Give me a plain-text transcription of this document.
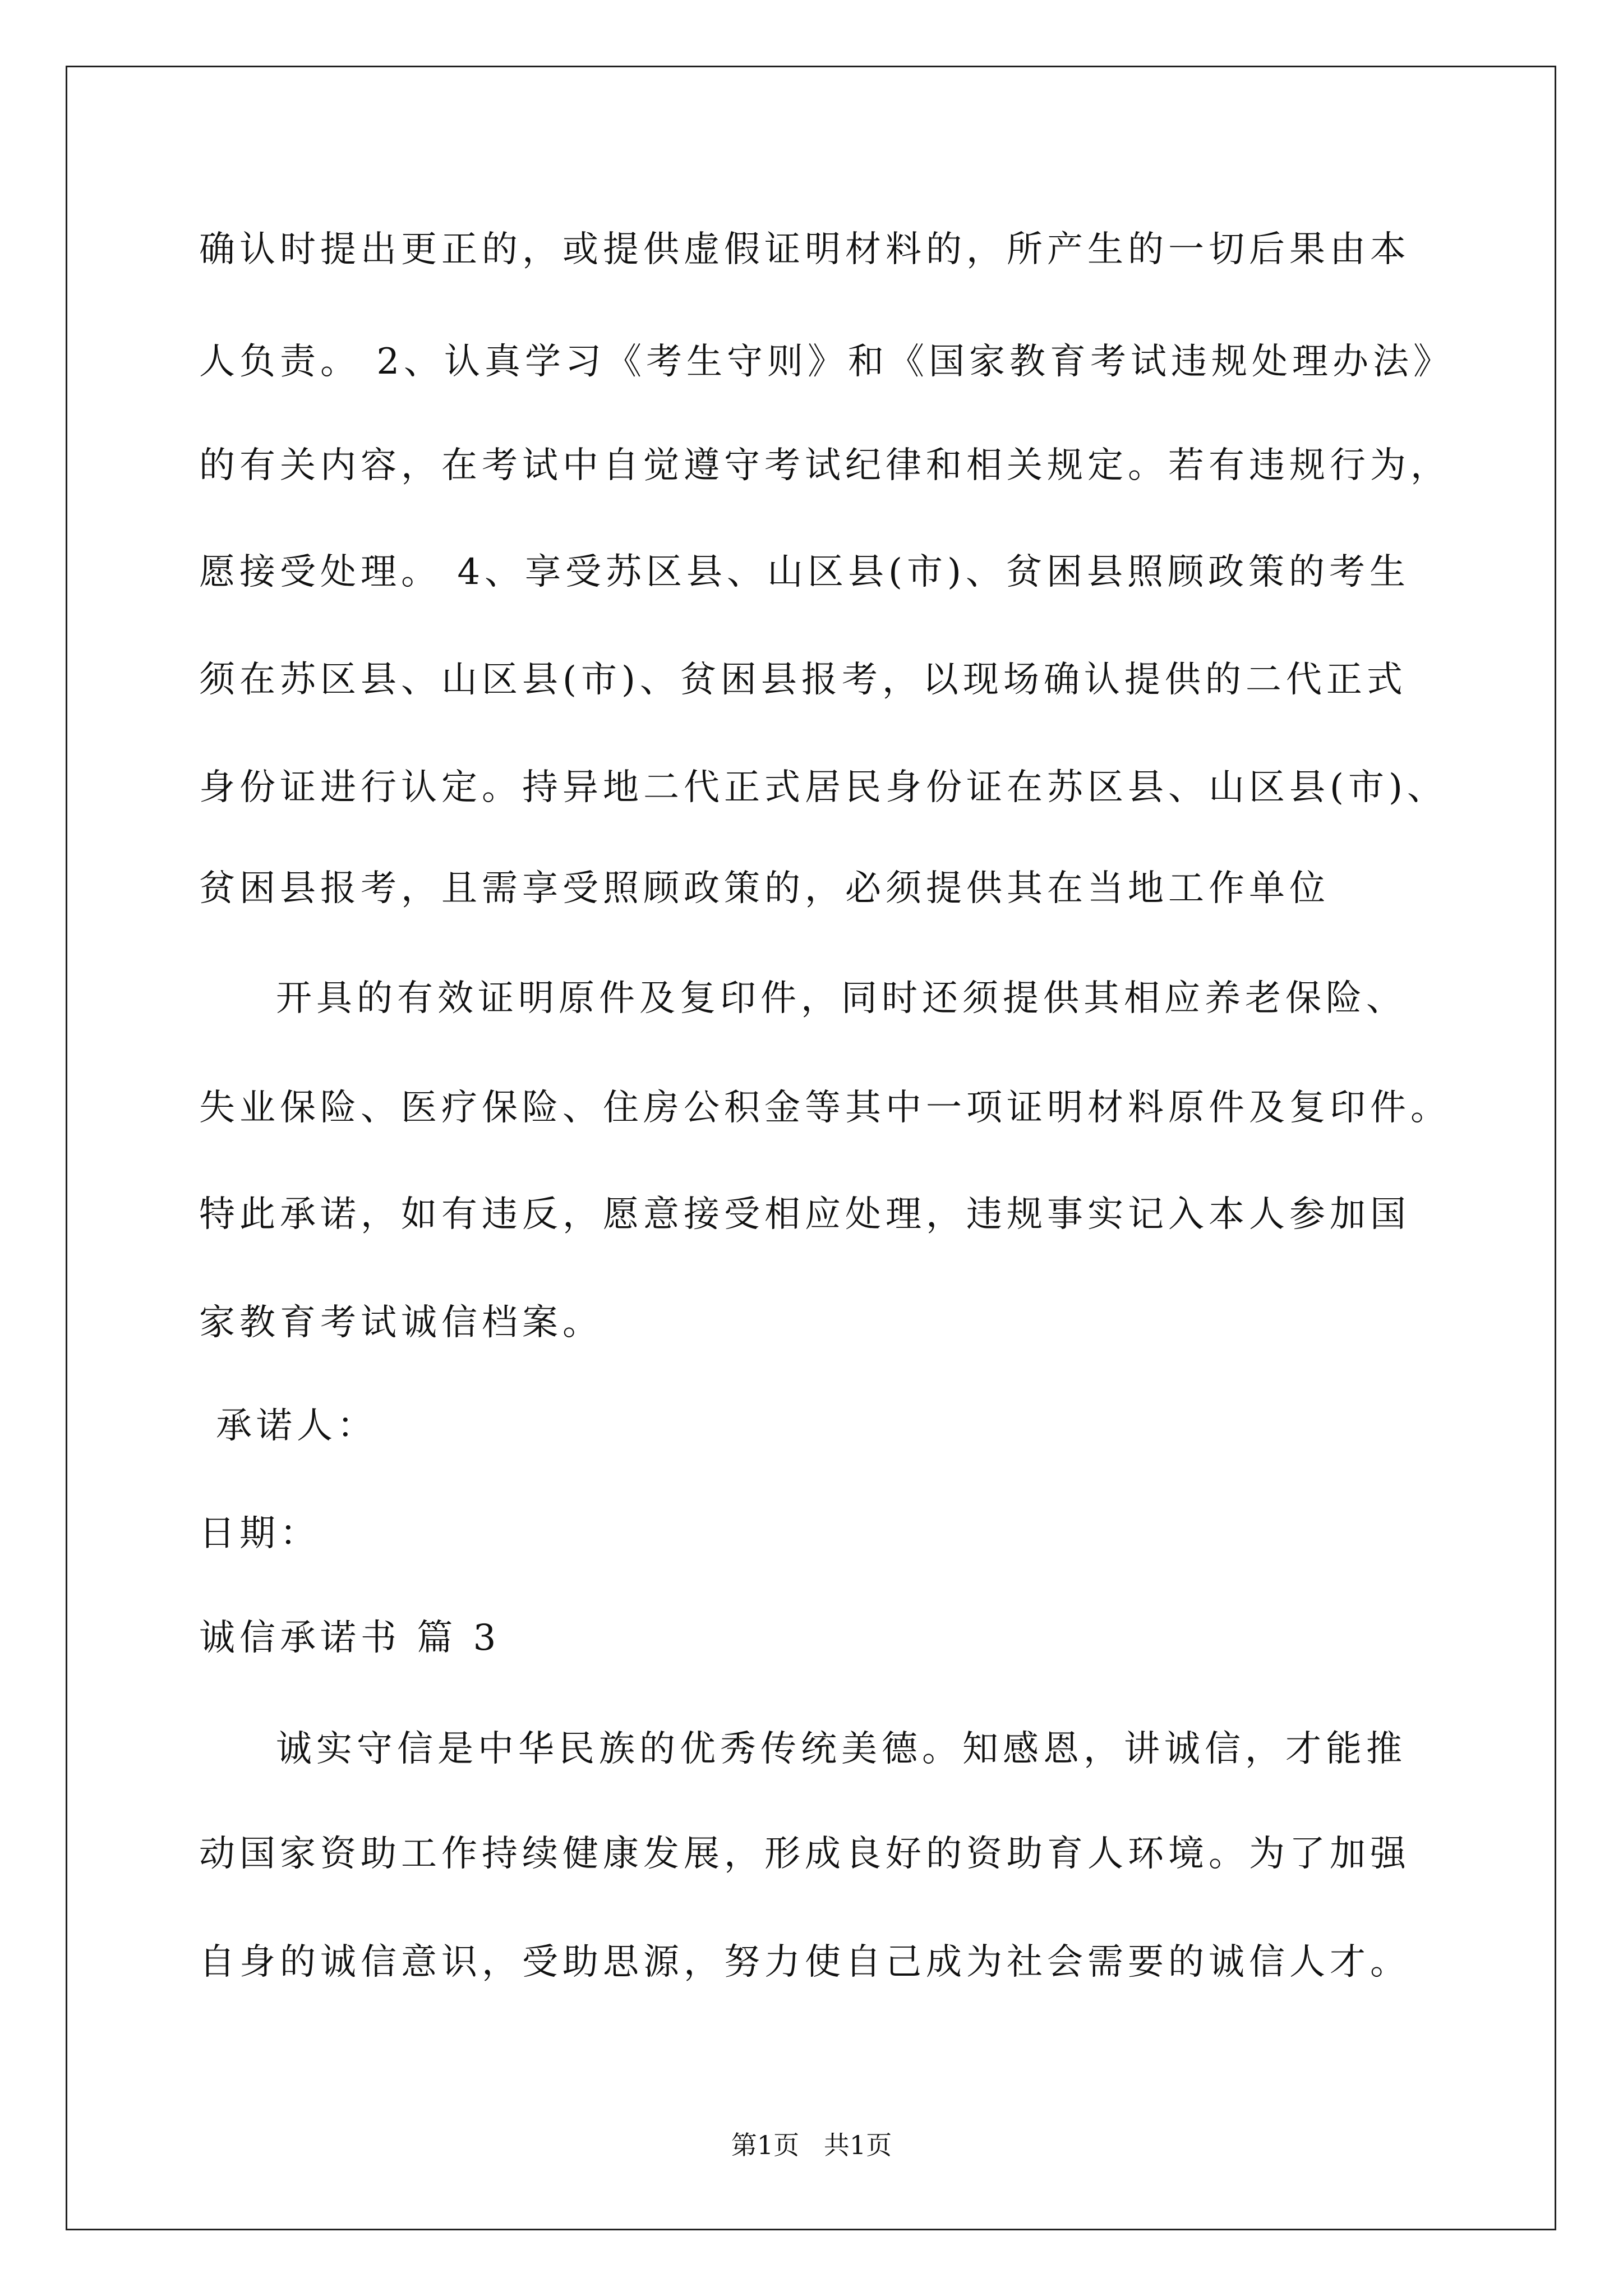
确认时提出更正的，或提供虚假证明材料的，所产生的一切后果由本

人负责。 2、认真学习《考生守则》和《国家教育考试违规处理办法》

的有关内容，在考试中自觉遵守考试纪律和相关规定。若有违规行为，

愿接受处理。 4、享受苏区县、山区县(市)、贫困县照顾政策的考生

须在苏区县、山区县(市)、贫困县报考，以现场确认提供的二代正式

身份证进行认定。持异地二代正式居民身份证在苏区县、山区县(市)、

贫困县报考，且需享受照顾政策的，必须提供其在当地工作单位

开具的有效证明原件及复印件，同时还须提供其相应养老保险、

失业保险、医疗保险、住房公积金等其中一项证明材料原件及复印件。

特此承诺，如有违反，愿意接受相应处理，违规事实记入本人参加国

家教育考试诚信档案。

承诺人：

日期：

诚信承诺书 篇 3

诚实守信是中华民族的优秀传统美德。知感恩，讲诚信，才能推

动国家资助工作持续健康发展，形成良好的资助育人环境。为了加强

自身的诚信意识，受助思源，努力使自己成为社会需要的诚信人才。

第1页   共1页
